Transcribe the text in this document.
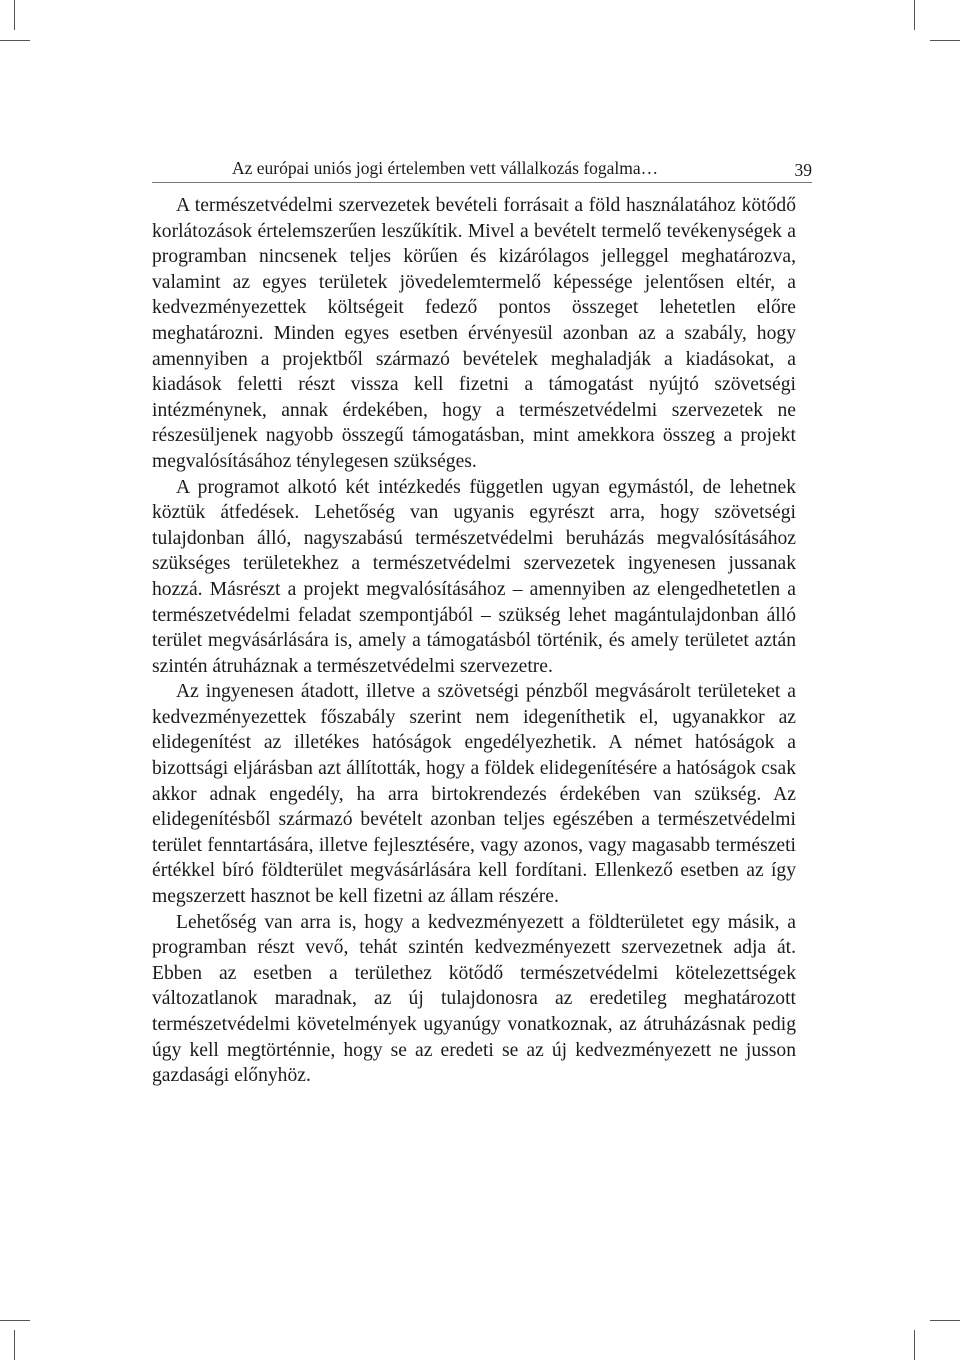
Az európai uniós jogi értelemben vett vállalkozás fogalma…	39

A természetvédelmi szervezetek bevételi forrásait a föld használatához kötődő korlátozások értelemszerűen leszűkítik. Mivel a bevételt termelő tevékenységek a programban nincsenek teljes körűen és kizárólagos jelleggel meghatározva, valamint az egyes területek jövedelemtermelő képessége jelentősen eltér, a kedvezményezettek költségeit fedező pontos összeget lehetetlen előre meghatározni. Minden egyes esetben érvényesül azonban az a szabály, hogy amennyiben a projektből származó bevételek meghaladják a kiadásokat, a kiadások feletti részt vissza kell fizetni a támogatást nyújtó szövetségi intézménynek, annak érdekében, hogy a természetvédelmi szervezetek ne részesüljenek nagyobb összegű támogatásban, mint amekkora összeg a projekt megvalósításához ténylegesen szükséges.

A programot alkotó két intézkedés független ugyan egymástól, de lehetnek köztük átfedések. Lehetőség van ugyanis egyrészt arra, hogy szövetségi tulajdonban álló, nagyszabású természetvédelmi beruházás megvalósításához szükséges területekhez a természetvédelmi szervezetek ingyenesen jussanak hozzá. Másrészt a projekt megvalósításához – amennyiben az elengedhetetlen a természetvédelmi feladat szempontjából – szükség lehet magántulajdonban álló terület megvásárlására is, amely a támogatásból történik, és amely területet aztán szintén átruháznak a természetvédelmi szervezetre.

Az ingyenesen átadott, illetve a szövetségi pénzből megvásárolt területeket a kedvezményezettek főszabály szerint nem idegeníthetik el, ugyanakkor az elidegenítést az illetékes hatóságok engedélyezhetik. A német hatóságok a bizottsági eljárásban azt állították, hogy a földek elidegenítésére a hatóságok csak akkor adnak engedély, ha arra birtokrendezés érdekében van szükség. Az elidegenítésből származó bevételt azonban teljes egészében a természetvédelmi terület fenntartására, illetve fejlesztésére, vagy azonos, vagy magasabb természeti értékkel bíró földterület megvásárlására kell fordítani. Ellenkező esetben az így megszerzett hasznot be kell fizetni az állam részére.

Lehetőség van arra is, hogy a kedvezményezett a földterületet egy másik, a programban részt vevő, tehát szintén kedvezményezett szervezetnek adja át. Ebben az esetben a területhez kötődő természetvédelmi kötelezettségek változatlanok maradnak, az új tulajdonosra az eredetileg meghatározott természetvédelmi követelmények ugyanúgy vonatkoznak, az átruházásnak pedig úgy kell megtörténnie, hogy se az eredeti se az új kedvezményezett ne jusson gazdasági előnyhöz.
